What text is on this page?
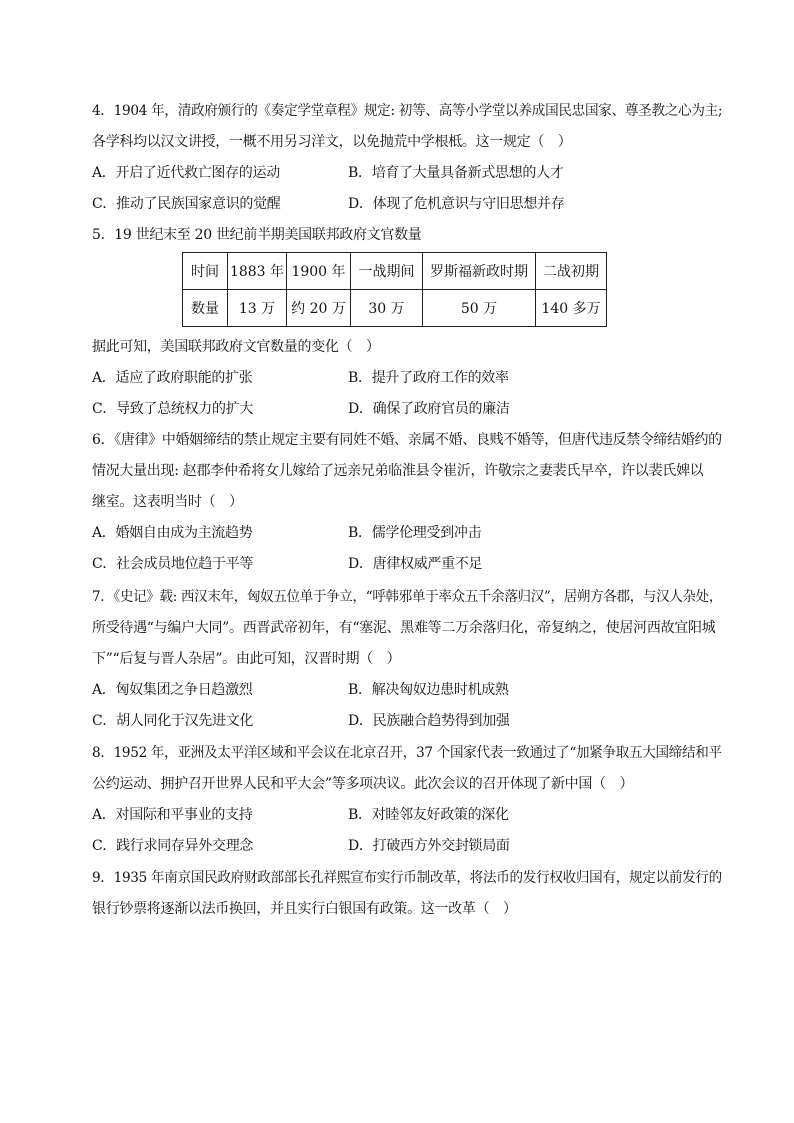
4．1904 年，清政府颁行的《奏定学堂章程》规定: 初等、高等小学堂以养成国民忠国家、尊圣教之心为主;
各学科均以汉文讲授，一概不用另习洋文，以免抛荒中学根柢。这一规定（　）
A．开启了近代救亡图存的运动	B．培育了大量具备新式思想的人才
C．推动了民族国家意识的觉醒	D．体现了危机意识与守旧思想并存
5．19 世纪末至 20 世纪前半期美国联邦政府文官数量
时间	1883 年	1900 年	一战期间	罗斯福新政时期	二战初期
数量	13 万	约 20 万	30 万	50 万	140 多万
据此可知，美国联邦政府文官数量的变化（　）
A．适应了政府职能的扩张	B．提升了政府工作的效率
C．导致了总统权力的扩大	D．确保了政府官员的廉洁
6．《唐律》中婚姻缔结的禁止规定主要有同姓不婚、亲属不婚、良贱不婚等，但唐代违反禁令缔结婚约的
情况大量出现: 赵郡李仲希将女儿嫁给了远亲兄弟临淮县令崔沂，许敬宗之妻裴氏早卒，许以裴氏婢以
继室。这表明当时（　）
A．婚姻自由成为主流趋势	B．儒学伦理受到冲击
C．社会成员地位趋于平等	D．唐律权威严重不足
7．《史记》载: 西汉末年，匈奴五位单于争立，“呼韩邪单于率众五千余落归汉”，居朔方各郡，与汉人杂处，
所受待遇“与编户大同”。西晋武帝初年，有“塞泥、黑难等二万余落归化，帝复纳之，使居河西故宜阳城
下”“后复与晋人杂居”。由此可知，汉晋时期（　）
A．匈奴集团之争日趋激烈	B．解决匈奴边患时机成熟
C．胡人同化于汉先进文化	D．民族融合趋势得到加强
8．1952 年，亚洲及太平洋区域和平会议在北京召开，37 个国家代表一致通过了“加紧争取五大国缔结和平
公约运动、拥护召开世界人民和平大会”等多项决议。此次会议的召开体现了新中国（　）
A．对国际和平事业的支持	B．对睦邻友好政策的深化
C．践行求同存异外交理念	D．打破西方外交封锁局面
9．1935 年南京国民政府财政部部长孔祥熙宣布实行币制改革，将法币的发行权收归国有，规定以前发行的
银行钞票将逐渐以法币换回，并且实行白银国有政策。这一改革（　）
